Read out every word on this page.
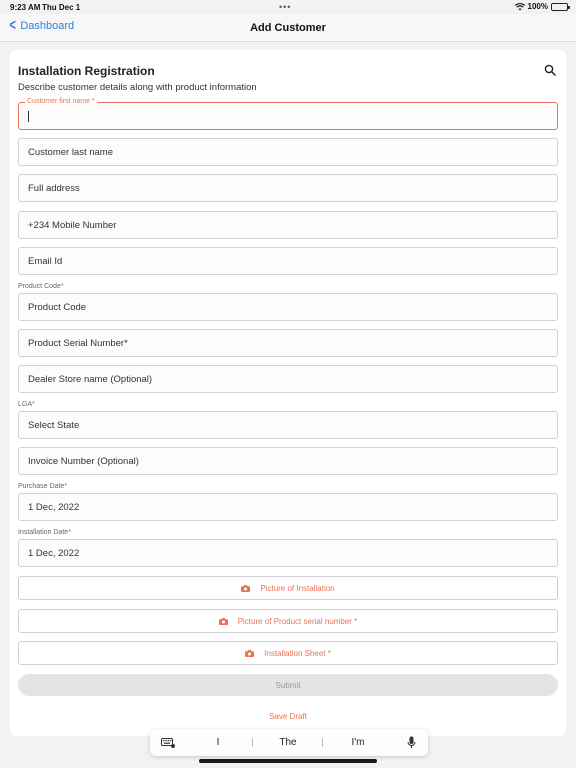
9:23 AM Thu Dec 1	•••	100%
< Dashboard	Add Customer
Installation Registration
Describe customer details along with product information
Customer first name *
Customer last name
Full address
+234 Mobile Number
Email Id
Product Code*
Product Code
Product Serial Number*
Dealer Store name (Optional)
LGA*
Select State
Invoice Number (Optional)
Purchase Date*
1 Dec, 2022
Installation Date*
1 Dec, 2022
Picture of Installation
Picture of Product serial number *
Installation Sheet *
Submit
Save Draft
I	The	I'm
